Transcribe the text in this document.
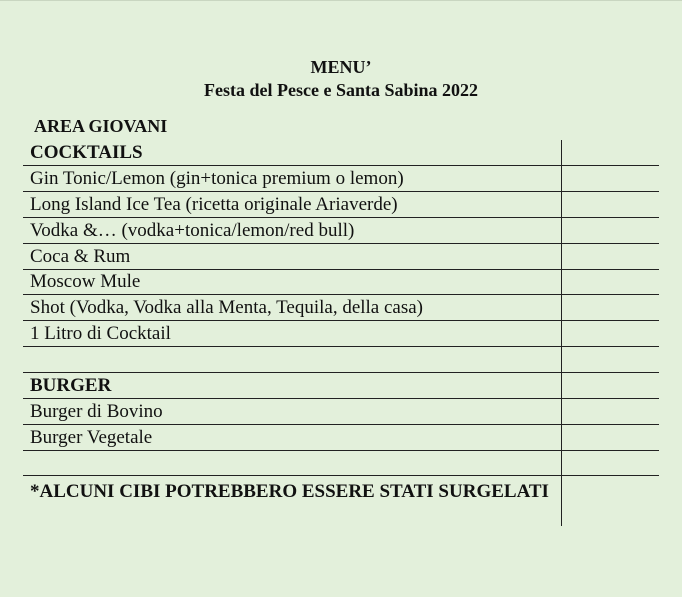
MENU’
Festa del Pesce e Santa Sabina 2022
AREA GIOVANI
COCKTAILS
Gin Tonic/Lemon (gin+tonica premium o lemon)
Long Island Ice Tea (ricetta originale Ariaverde)
Vodka &… (vodka+tonica/lemon/red bull)
Coca & Rum
Moscow Mule
Shot (Vodka, Vodka alla Menta, Tequila, della casa)
1 Litro di Cocktail
BURGER
Burger di Bovino
Burger Vegetale
*ALCUNI CIBI POTREBBERO ESSERE STATI SURGELATI
